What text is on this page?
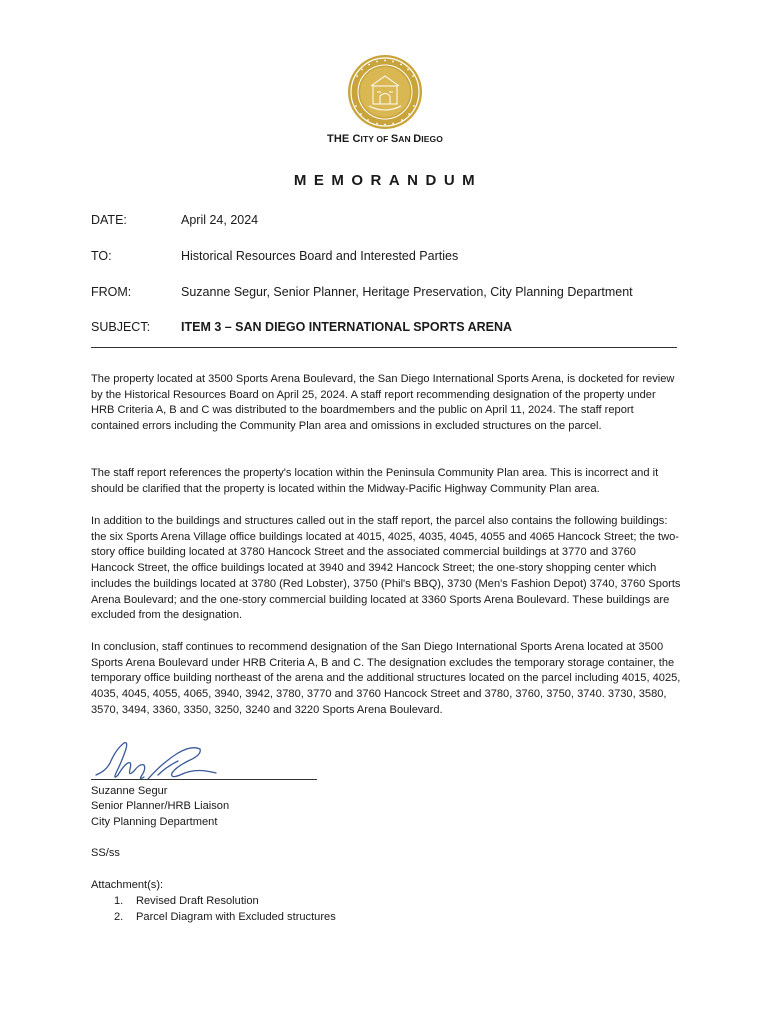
THE CITY OF SAN DIEGO
MEMORANDUM
DATE:	April 24, 2024
TO:	Historical Resources Board and Interested Parties
FROM:	Suzanne Segur, Senior Planner, Heritage Preservation, City Planning Department
SUBJECT: ITEM 3 – SAN DIEGO INTERNATIONAL SPORTS ARENA

The property located at 3500 Sports Arena Boulevard, the San Diego International Sports Arena, is docketed for review by the Historical Resources Board on April 25, 2024. A staff report recommending designation of the property under HRB Criteria A, B and C was distributed to the boardmembers and the public on April 11, 2024. The staff report contained errors including the Community Plan area and omissions in excluded structures on the parcel.

The staff report references the property's location within the Peninsula Community Plan area. This is incorrect and it should be clarified that the property is located within the Midway-Pacific Highway Community Plan area.

In addition to the buildings and structures called out in the staff report, the parcel also contains the following buildings: the six Sports Arena Village office buildings located at 4015, 4025, 4035, 4045, 4055 and 4065 Hancock Street; the two-story office building located at 3780 Hancock Street and the associated commercial buildings at 3770 and 3760 Hancock Street, the office buildings located at 3940 and 3942 Hancock Street; the one-story shopping center which includes the buildings located at 3780 (Red Lobster), 3750 (Phil's BBQ), 3730 (Men's Fashion Depot) 3740, 3760 Sports Arena Boulevard; and the one-story commercial building located at 3360 Sports Arena Boulevard. These buildings are excluded from the designation.

In conclusion, staff continues to recommend designation of the San Diego International Sports Arena located at 3500 Sports Arena Boulevard under HRB Criteria A, B and C. The designation excludes the temporary storage container, the temporary office building northeast of the arena and the additional structures located on the parcel including 4015, 4025, 4035, 4045, 4055, 4065, 3940, 3942, 3780, 3770 and 3760 Hancock Street and 3780, 3760, 3750, 3740. 3730, 3580, 3570, 3494, 3360, 3350, 3250, 3240 and 3220 Sports Arena Boulevard.

Suzanne Segur
Senior Planner/HRB Liaison
City Planning Department
SS/ss
Attachment(s):
1. Revised Draft Resolution
2. Parcel Diagram with Excluded structures
